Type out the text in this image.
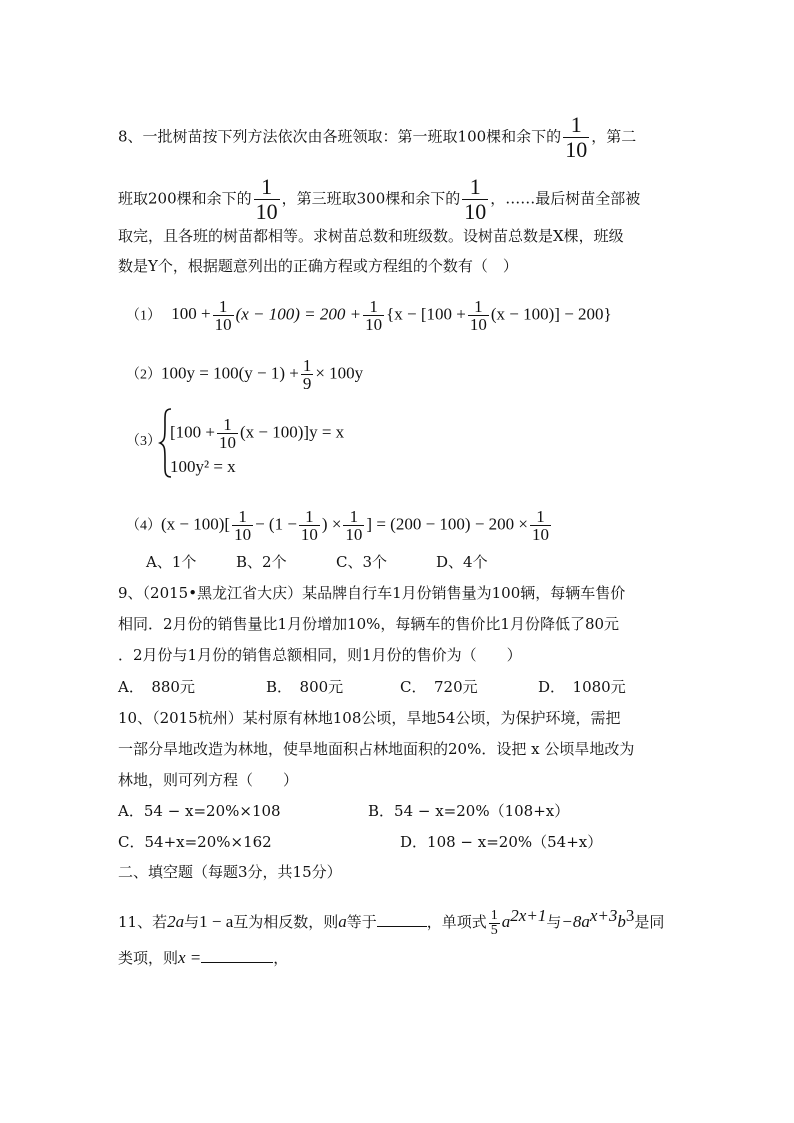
8、一批树苗按下列方法依次由各班领取：第一班取100棵和余下的 $\frac{1}{10}$ ，第二
班取200棵和余下的 $\frac{1}{10}$ ，第三班取300棵和余下的 $\frac{1}{10}$ ，……最后树苗全部被
取完，且各班的树苗都相等。求树苗总数和班级数。设树苗总数是X棵，班级
数是Y个，根据题意列出的正确方程或方程组的个数有（　）
（1） $100 + \frac{1}{10} (x - 100) = 200 + \frac{1}{10} \{x - [100 + \frac{1}{10} (x - 100)] - 200\}$
$(2)100y = 100(y - 1) + \frac{1}{9} \times 100y$
（3）
$[100 + \frac{1}{10} (x - 100)]y = x$
100y² = x
$(4)(x - 100)[ \frac{1}{10} - (1 - \frac{1}{10}$ ) × $\frac{1}{10}$ ] = $(200 - 100) - 200 \times \frac{1}{10}$
A、1个	B、2个	C、3个	D、4个
9、（2015•黑龙江省大庆）某品牌自行车1月份销售量为100辆，每辆车售价
相同．2月份的销售量比1月份增加10%，每辆车的售价比1月份降低了80元
．2月份与1月份的销售总额相同，则1月份的售价为（　　）
A．　880元	B．　800元	C．　720元	D．　1080元
10、（2015杭州）某村原有林地108公顷，旱地54公顷，为保护环境，需把
一部分旱地改造为林地，使旱地面积占林地面积的20%．设把 x 公顷旱地改为
林地，则可列方程（　　）
A．54 − x=20%×108	B．54 − x=20%（108+x）
C．54+x=20%×162	D．108 − x=20%（54+x）
二、填空题（每题3分，共15分）
11、若2a与1 − a互为相反数，则a等于	，单项式 $\frac{1}{5} a^{2x+1}$与$-8a^{x+3}b^3$是同
类项，则x =	，
